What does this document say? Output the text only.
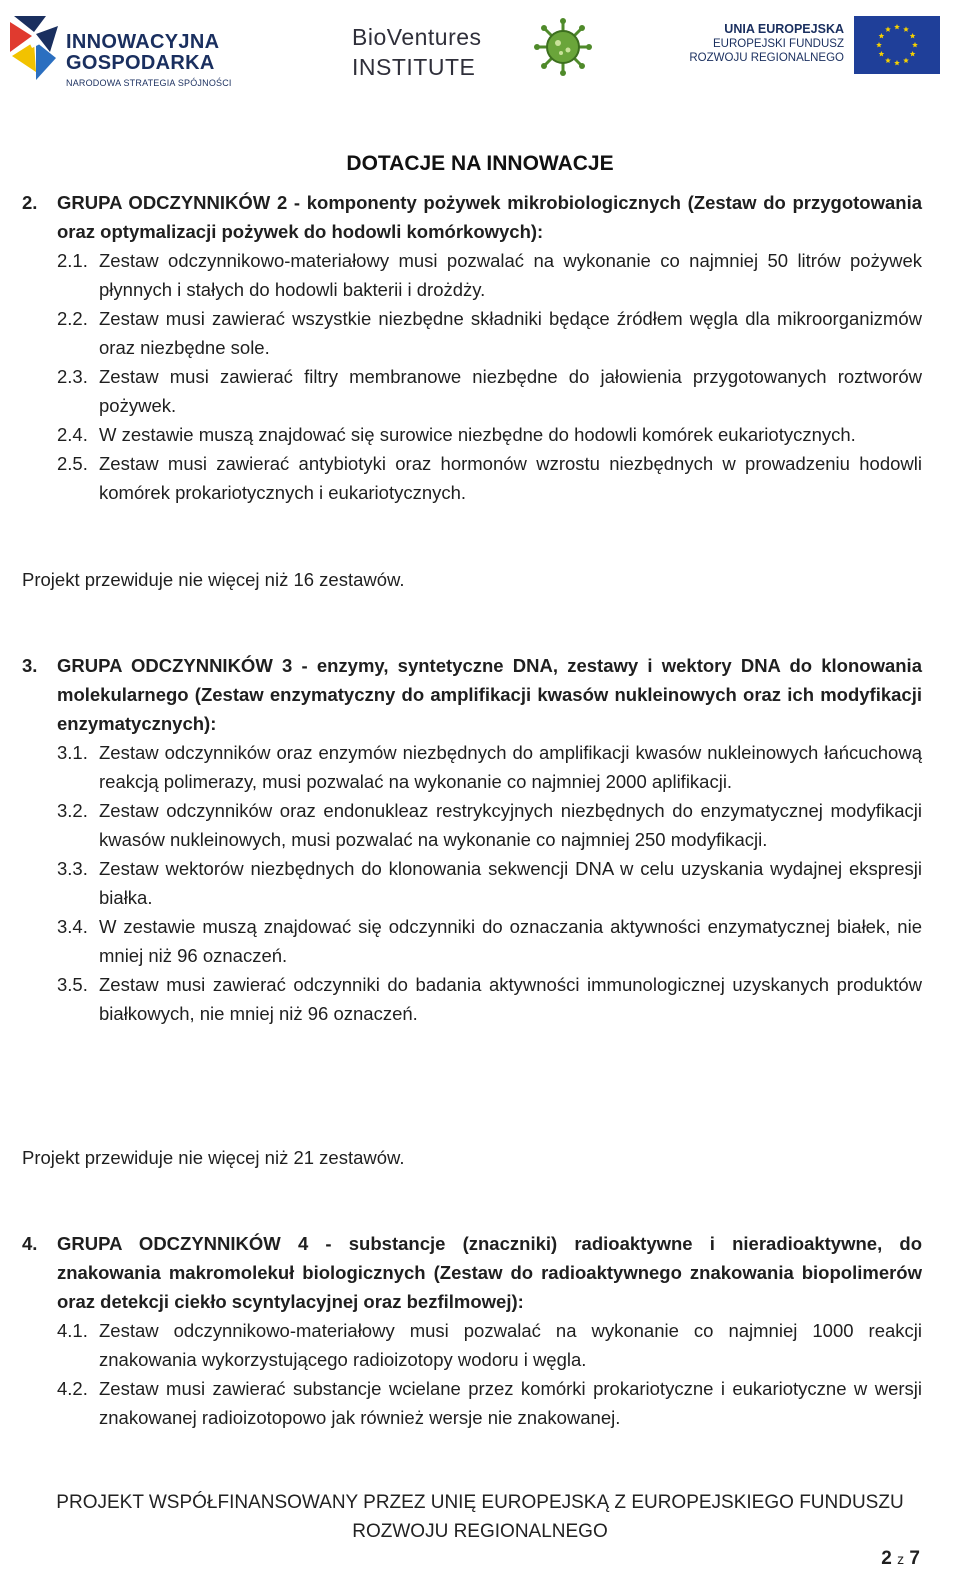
INNOWACYJNA
GOSPODARKA
NARODOWA STRATEGIA SPÓJNOŚCI
BioVentures
INSTITUTE
UNIA EUROPEJSKA
EUROPEJSKI FUNDUSZ
ROZWOJU REGIONALNEGO
DOTACJE NA INNOWACJE
2.	GRUPA ODCZYNNIKÓW 2 - komponenty pożywek mikrobiologicznych (Zestaw do przygotowania oraz optymalizacji pożywek do hodowli komórkowych):
2.1. Zestaw odczynnikowo-materiałowy musi pozwalać na wykonanie co najmniej 50 litrów pożywek płynnych i stałych do hodowli bakterii i drożdży.
2.2. Zestaw musi zawierać wszystkie niezbędne składniki będące źródłem węgla dla mikroorganizmów oraz niezbędne sole.
2.3. Zestaw musi zawierać filtry membranowe niezbędne do jałowienia przygotowanych roztworów pożywek.
2.4. W zestawie muszą znajdować się surowice niezbędne do hodowli komórek eukariotycznych.
2.5. Zestaw musi zawierać antybiotyki oraz hormonów wzrostu niezbędnych w prowadzeniu hodowli komórek prokariotycznych i eukariotycznych.
Projekt przewiduje nie więcej niż 16 zestawów.
3.	GRUPA ODCZYNNIKÓW 3 - enzymy, syntetyczne DNA, zestawy i wektory DNA do klonowania molekularnego (Zestaw enzymatyczny do amplifikacji kwasów nukleinowych oraz ich modyfikacji enzymatycznych):
3.1. Zestaw odczynników oraz enzymów niezbędnych do amplifikacji kwasów nukleinowych łańcuchową reakcją polimerazy, musi pozwalać na wykonanie co najmniej 2000 aplifikacji.
3.2. Zestaw odczynników oraz endonukleaz restrykcyjnych niezbędnych do enzymatycznej modyfikacji kwasów nukleinowych, musi pozwalać na wykonanie co najmniej 250 modyfikacji.
3.3. Zestaw wektorów niezbędnych do klonowania sekwencji DNA w celu uzyskania wydajnej ekspresji białka.
3.4. W zestawie muszą znajdować się odczynniki do oznaczania aktywności enzymatycznej białek, nie mniej niż 96 oznaczeń.
3.5. Zestaw musi zawierać odczynniki do badania aktywności immunologicznej uzyskanych produktów białkowych, nie mniej niż 96 oznaczeń.
Projekt przewiduje nie więcej niż 21 zestawów.
4.	GRUPA ODCZYNNIKÓW 4 - substancje (znaczniki) radioaktywne i nieradioaktywne, do znakowania makromolekuł biologicznych (Zestaw do radioaktywnego znakowania biopolimerów oraz detekcji ciekło scyntylacyjnej oraz bezfilmowej):
4.1. Zestaw odczynnikowo-materiałowy musi pozwalać na wykonanie co najmniej 1000 reakcji znakowania wykorzystującego radioizotopy wodoru i węgla.
4.2. Zestaw musi zawierać substancje wcielane przez komórki prokariotyczne i eukariotyczne w wersji znakowanej radioizotopowo jak również wersje nie znakowanej.
PROJEKT WSPÓŁFINANSOWANY PRZEZ UNIĘ EUROPEJSKĄ Z EUROPEJSKIEGO FUNDUSZU
ROZWOJU REGIONALNEGO
2 z 7
